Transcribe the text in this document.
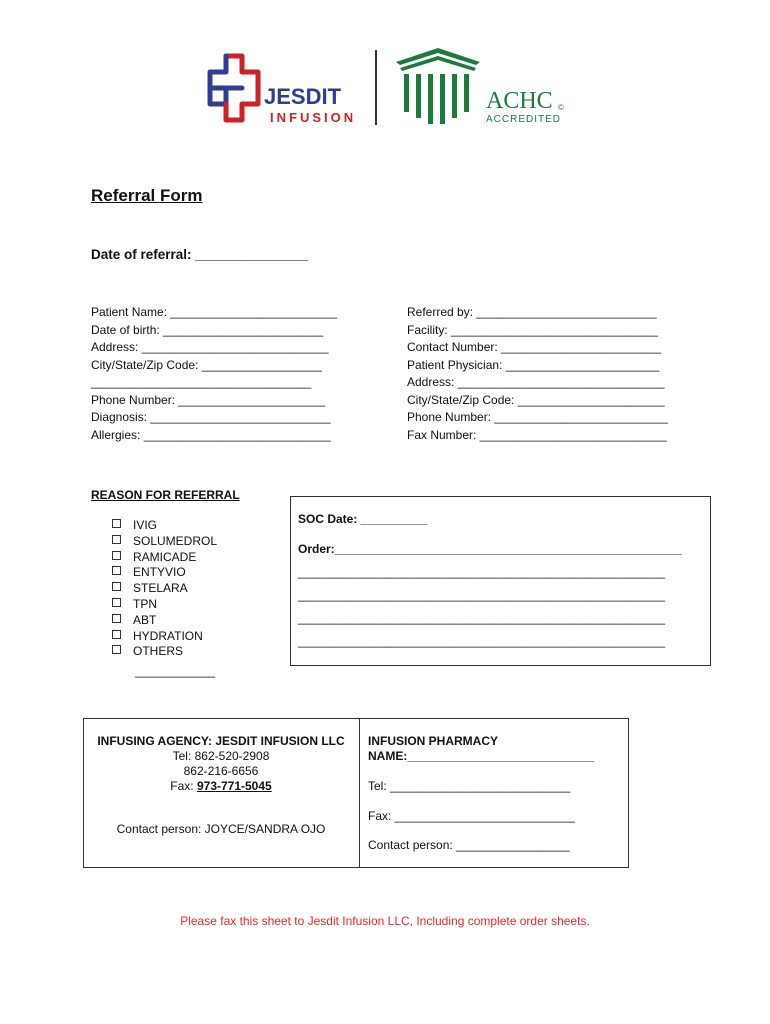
JESDIT
INFUSION
ACHC ©
ACCREDITED
Referral Form
Date of referral: _______________
Patient Name: _________________________
Date of birth: ________________________
Address: ____________________________
City/State/Zip Code: __________________
_________________________________
Phone Number: ______________________
Diagnosis: ___________________________
Allergies: ____________________________
Referred by: ___________________________
Facility: _______________________________
Contact Number: ________________________
Patient Physician: _______________________
Address: _______________________________
City/State/Zip Code: ______________________
Phone Number: __________________________
Fax Number: ____________________________
REASON FOR REFERRAL
IVIG
SOLUMEDROL
RAMICADE
ENTYVIO
STELARA
TPN
ABT
HYDRATION
OTHERS
____________
SOC Date: __________
Order:____________________________________________________
_______________________________________________________
_______________________________________________________
_______________________________________________________
_______________________________________________________
INFUSING AGENCY: JESDIT INFUSION LLC
Tel: 862-520-2908
862-216-6656
Fax: 973-771-5045
Contact person: JOYCE/SANDRA OJO
INFUSION PHARMACY
NAME:____________________________
Tel: ___________________________
Fax: ___________________________
Contact person: _________________
Please fax this sheet to Jesdit Infusion LLC, Including complete order sheets.
